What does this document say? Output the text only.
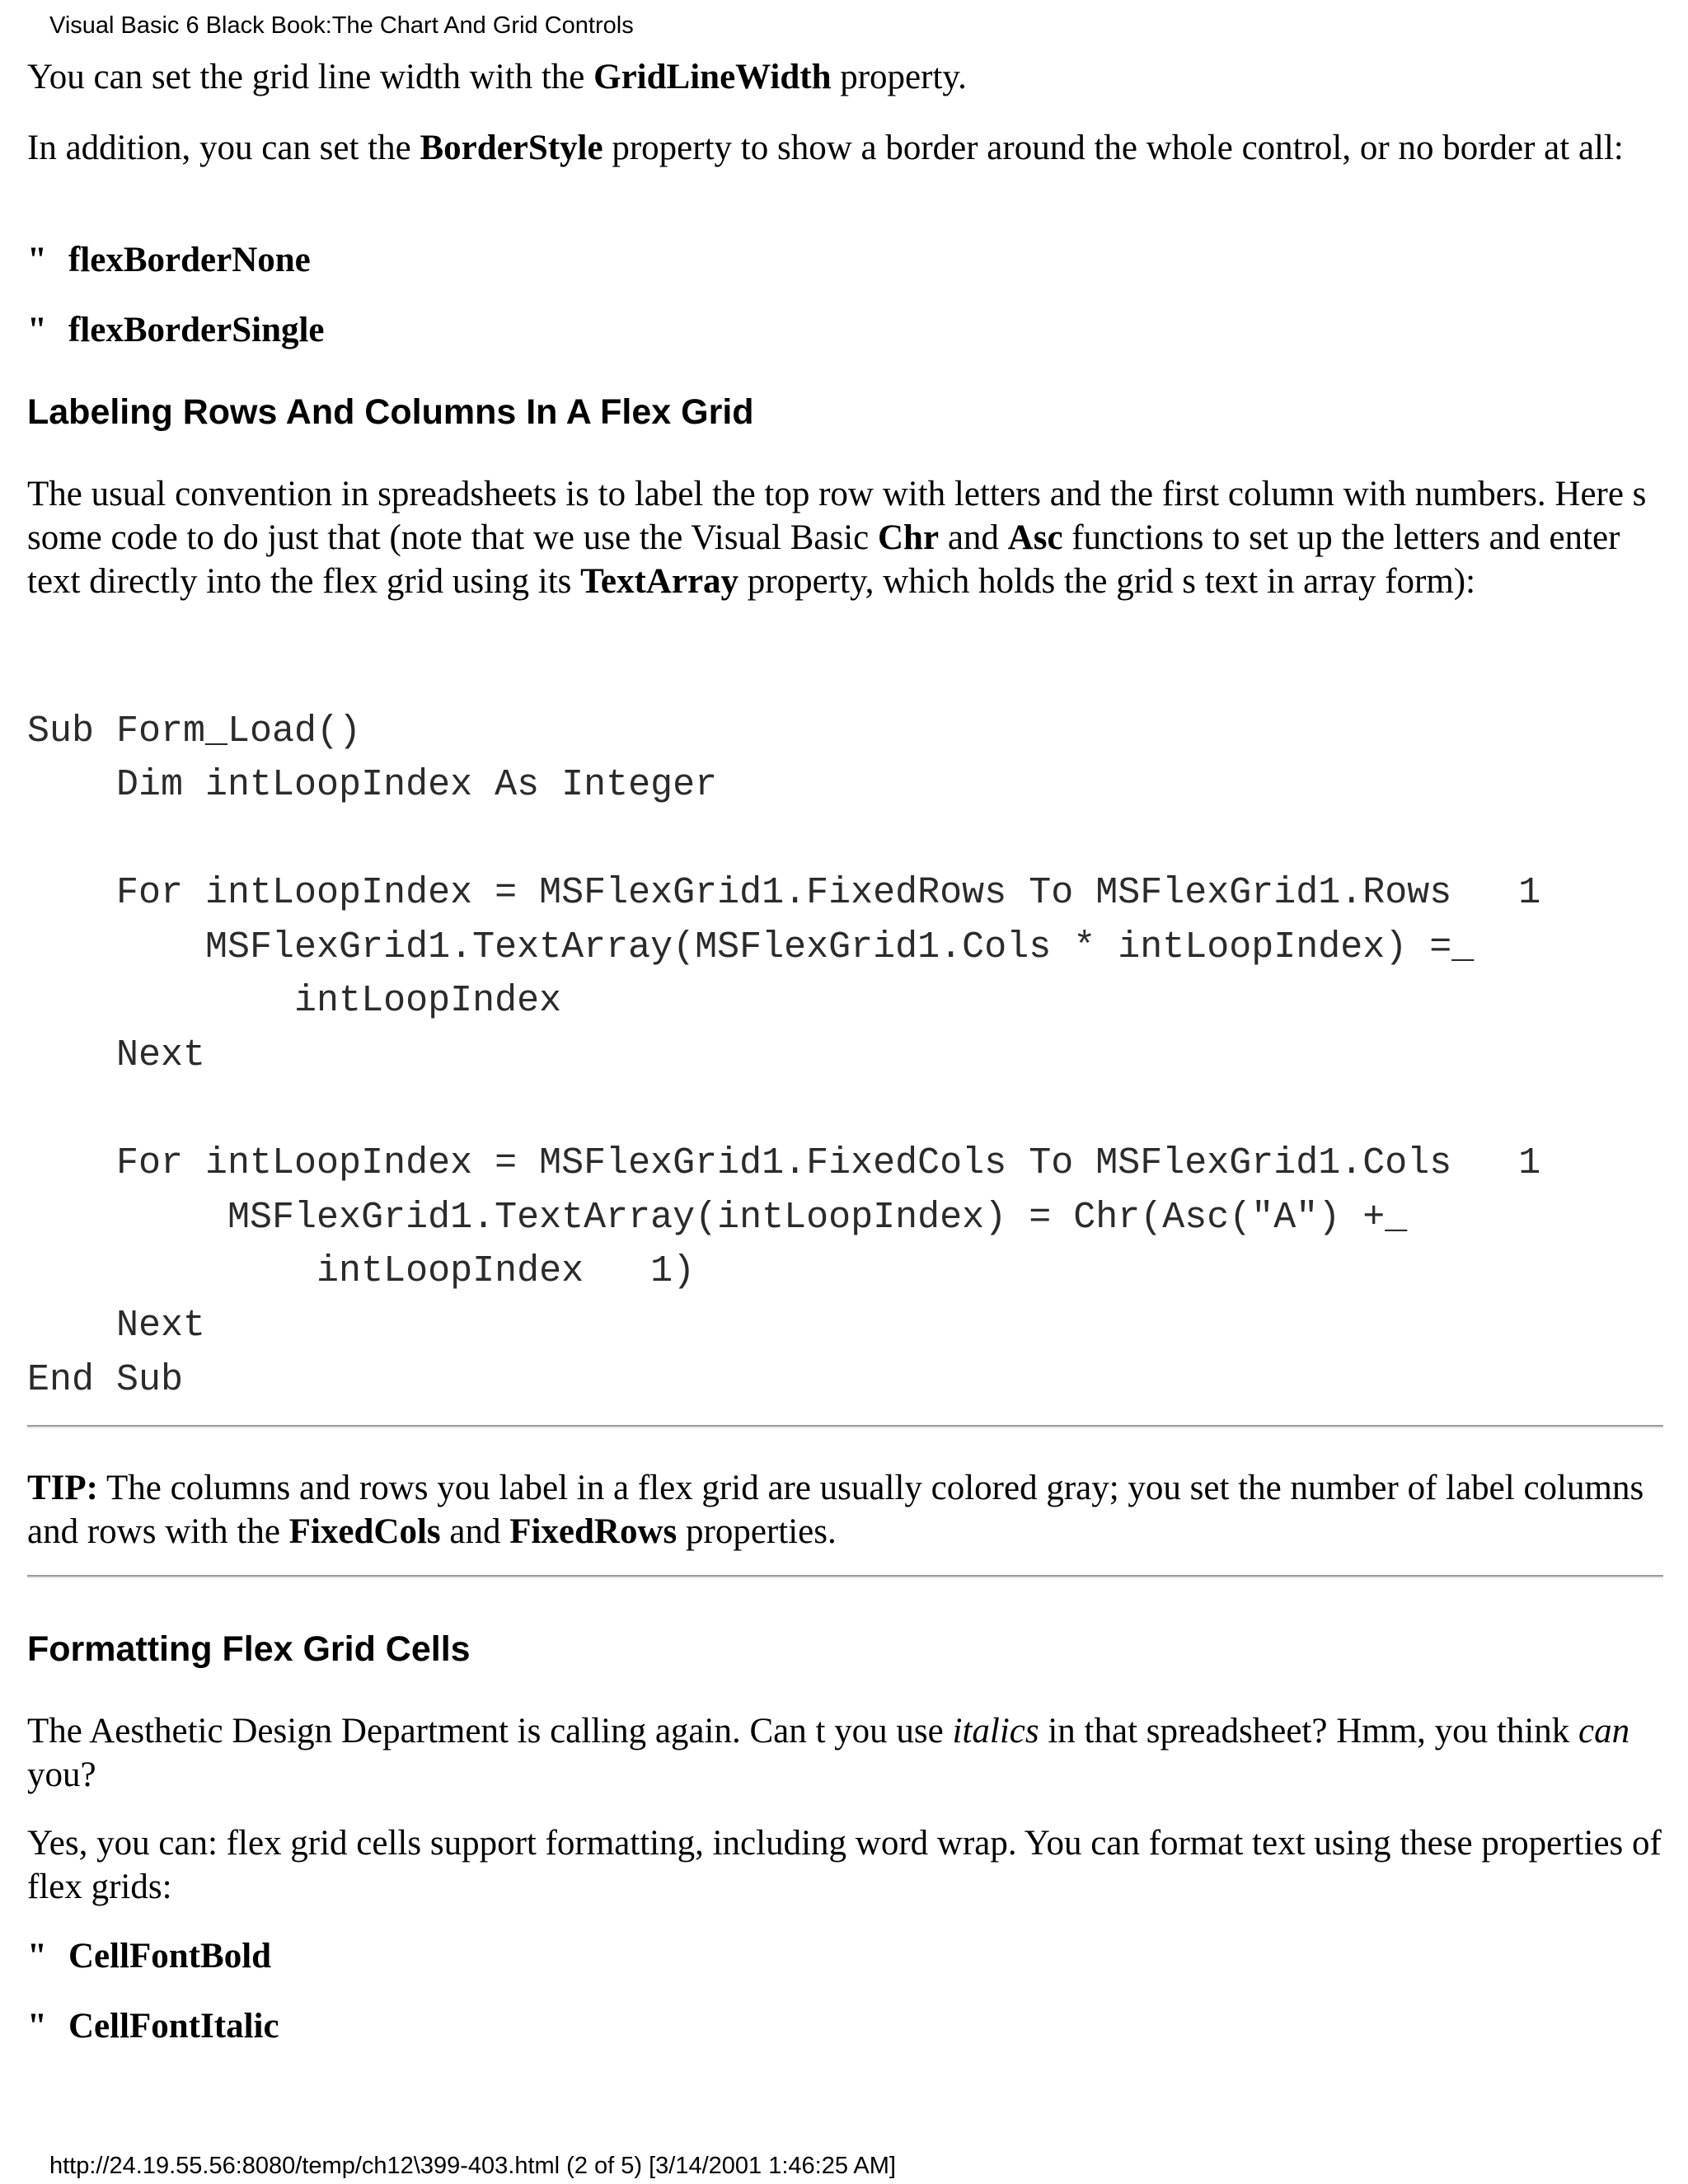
Visual Basic 6 Black Book:The Chart And Grid Controls
You can set the grid line width with the GridLineWidth property.
In addition, you can set the BorderStyle property to show a border around the whole control, or no border at all:
" flexBorderNone
" flexBorderSingle
Labeling Rows And Columns In A Flex Grid
The usual convention in spreadsheets is to label the top row with letters and the first column with numbers. Here s some code to do just that (note that we use the Visual Basic Chr and Asc functions to set up the letters and enter text directly into the flex grid using its TextArray property, which holds the grid s text in array form):
Sub Form_Load()
Dim intLoopIndex As Integer
For intLoopIndex = MSFlexGrid1.FixedRows To MSFlexGrid1.Rows   1
MSFlexGrid1.TextArray(MSFlexGrid1.Cols * intLoopIndex) =_
intLoopIndex
Next
For intLoopIndex = MSFlexGrid1.FixedCols To MSFlexGrid1.Cols   1
MSFlexGrid1.TextArray(intLoopIndex) = Chr(Asc("A") +_
intLoopIndex   1)
Next
End Sub
TIP: The columns and rows you label in a flex grid are usually colored gray; you set the number of label columns and rows with the FixedCols and FixedRows properties.
Formatting Flex Grid Cells
The Aesthetic Design Department is calling again. Can t you use italics in that spreadsheet? Hmm, you think can you?
Yes, you can: flex grid cells support formatting, including word wrap. You can format text using these properties of flex grids:
" CellFontBold
" CellFontItalic
http://24.19.55.56:8080/temp/ch12\399-403.html (2 of 5) [3/14/2001 1:46:25 AM]
